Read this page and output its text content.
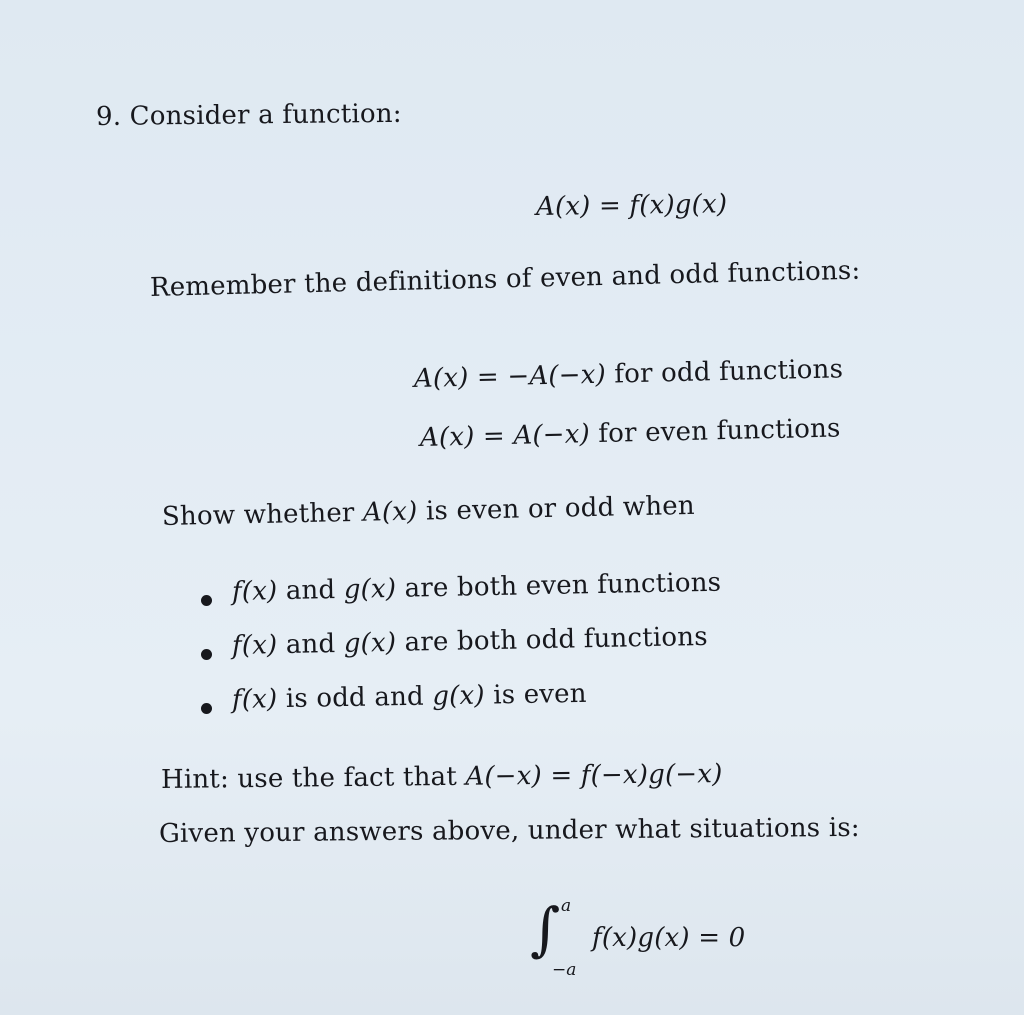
9. Consider a function:
A(x) = f(x)g(x)
Remember the definitions of even and odd functions:
A(x) = −A(−x) for odd functions
A(x) = A(−x) for even functions
Show whether A(x) is even or odd when
f(x) and g(x) are both even functions
f(x) and g(x) are both odd functions
f(x) is odd and g(x) is even
Hint: use the fact that A(−x) = f(−x)g(−x)
Given your answers above, under what situations is:
∫ a
−a
f(x)g(x) = 0
